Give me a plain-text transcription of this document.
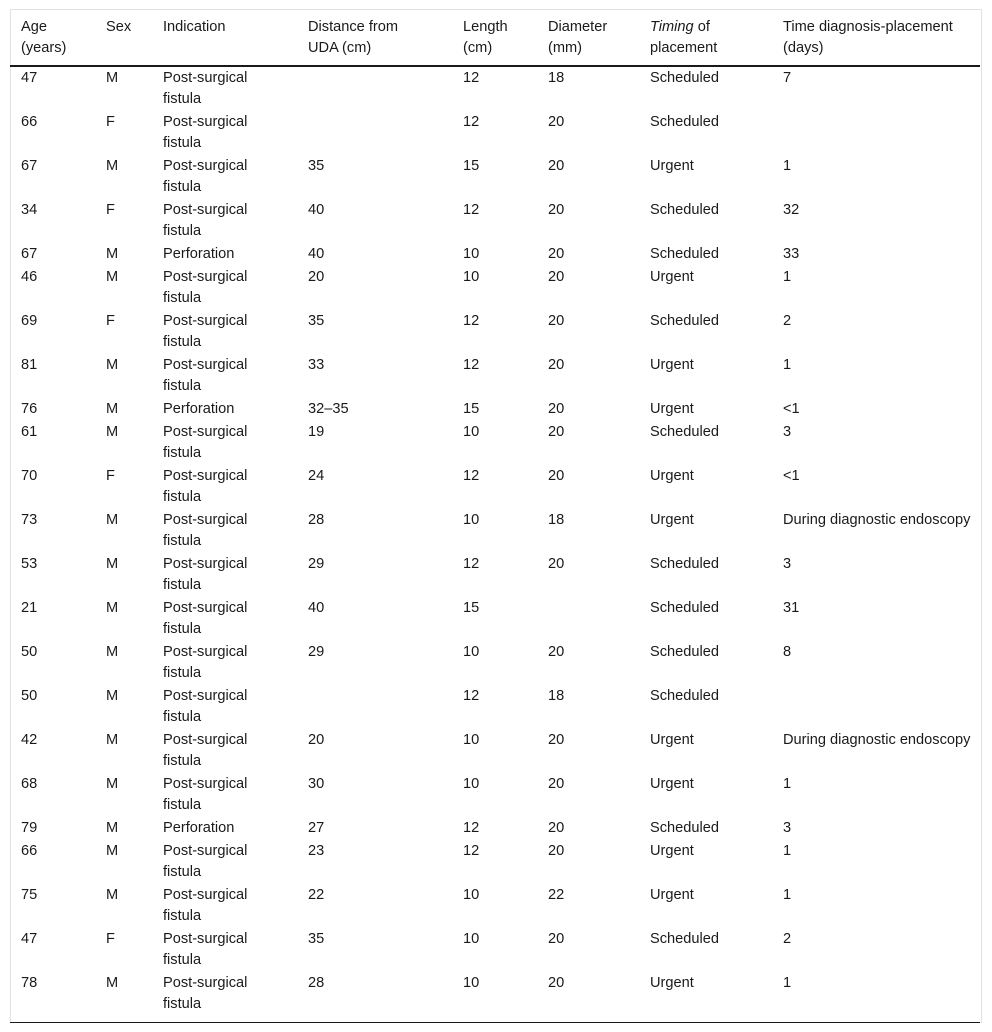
Age (years)	Sex	Indication	Distance from UDA (cm)	Length (cm)	Diameter (mm)	Timing of placement	Time diagnosis-placement (days)

47	M	Post-surgical fistula		12	18	Scheduled	7

66	F	Post-surgical fistula		12	20	Scheduled	

67	M	Post-surgical fistula	35	15	20	Urgent	1

34	F	Post-surgical fistula	40	12	20	Scheduled	32

67	M	Perforation	40	10	20	Scheduled	33

46	M	Post-surgical fistula	20	10	20	Urgent	1

69	F	Post-surgical fistula	35	12	20	Scheduled	2

81	M	Post-surgical fistula	33	12	20	Urgent	1

76	M	Perforation	32–35	15	20	Urgent	<1

61	M	Post-surgical fistula	19	10	20	Scheduled	3

70	F	Post-surgical fistula	24	12	20	Urgent	<1

73	M	Post-surgical fistula	28	10	18	Urgent	During diagnostic endoscopy

53	M	Post-surgical fistula	29	12	20	Scheduled	3

21	M	Post-surgical fistula	40	15		Scheduled	31

50	M	Post-surgical fistula	29	10	20	Scheduled	8

50	M	Post-surgical fistula		12	18	Scheduled	

42	M	Post-surgical fistula	20	10	20	Urgent	During diagnostic endoscopy

68	M	Post-surgical fistula	30	10	20	Urgent	1

79	M	Perforation	27	12	20	Scheduled	3

66	M	Post-surgical fistula	23	12	20	Urgent	1

75	M	Post-surgical fistula	22	10	22	Urgent	1

47	F	Post-surgical fistula	35	10	20	Scheduled	2

78	M	Post-surgical fistula	28	10	20	Urgent	1
